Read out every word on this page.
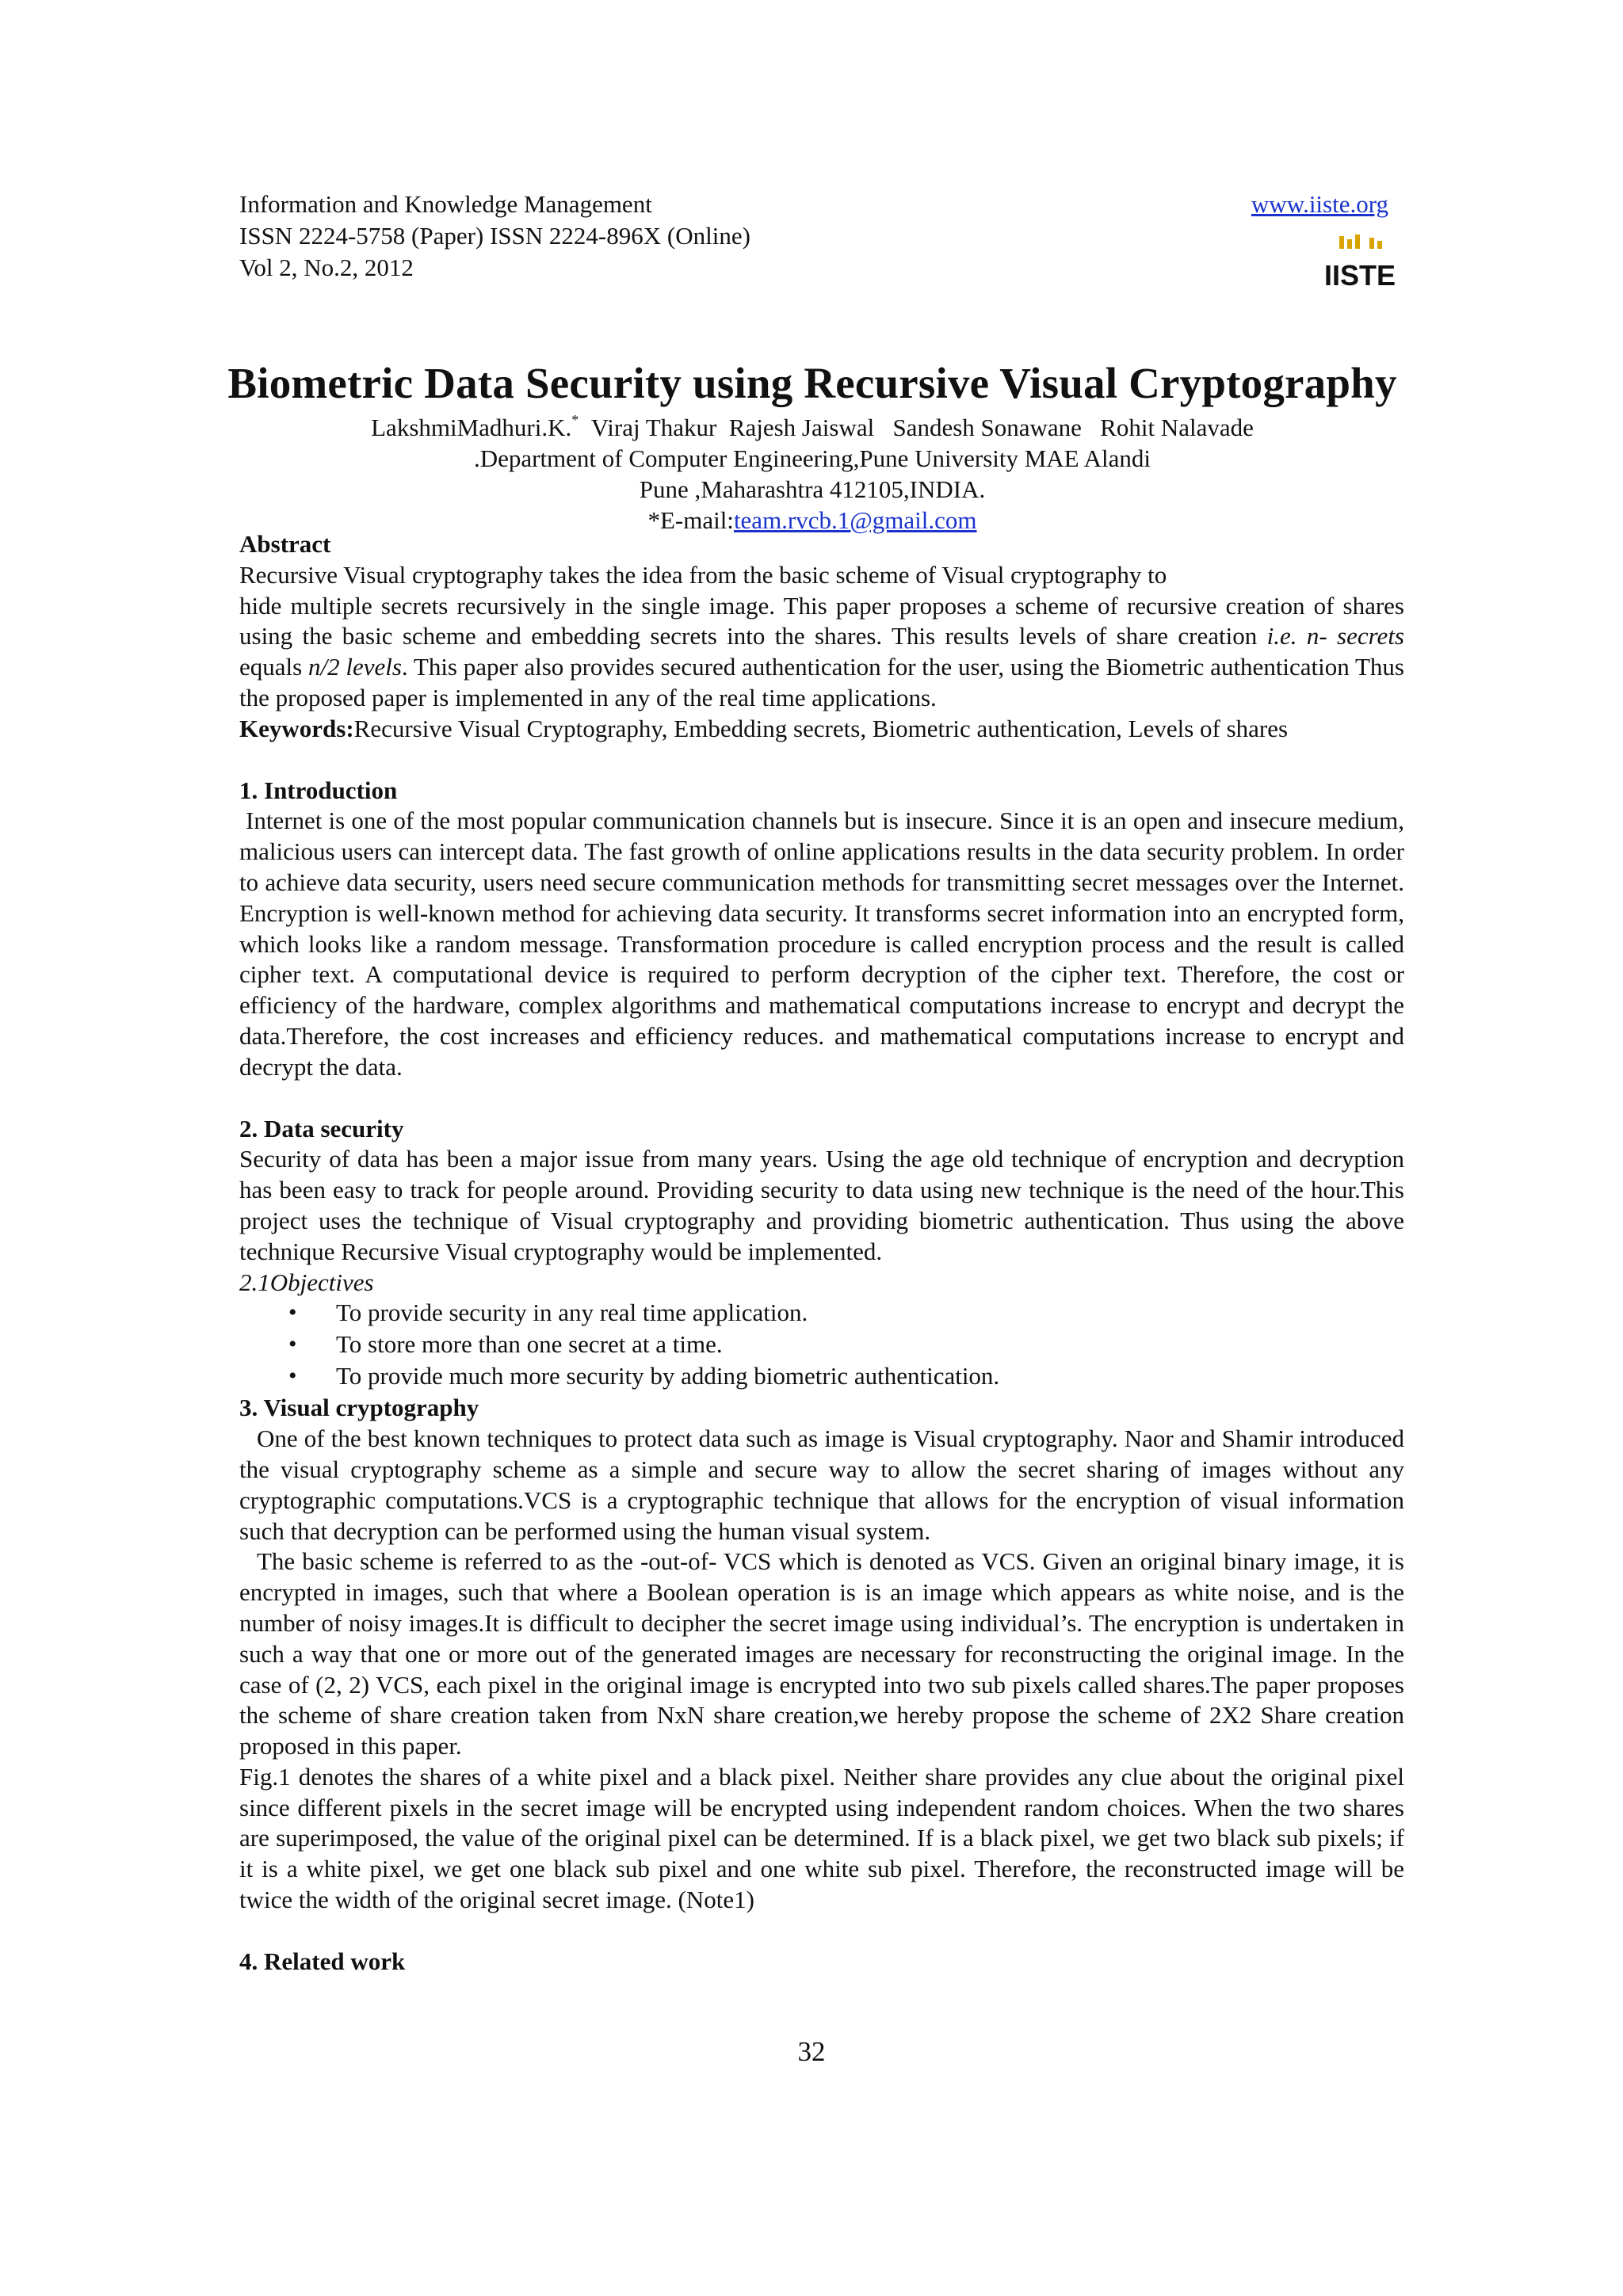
Information and Knowledge Management
ISSN 2224-5758 (Paper) ISSN 2224-896X (Online)
Vol 2, No.2, 2012
www.iiste.org
IISTE
Biometric Data Security using Recursive Visual Cryptography
LakshmiMadhuri.K.* Viraj Thakur  Rajesh Jaiswal   Sandesh Sonawane   Rohit Nalavade
.Department of Computer Engineering,Pune University MAE Alandi
Pune ,Maharashtra 412105,INDIA.
*E-mail:team.rvcb.1@gmail.com

Abstract

Recursive Visual cryptography takes the idea from the basic scheme of Visual cryptography to

hide multiple secrets recursively in the single image. This paper proposes a scheme of recursive creation of shares using the basic scheme and embedding secrets into the shares. This results levels of share creation i.e. n- secrets equals n/2 levels. This paper also provides secured authentication for the user, using the Biometric authentication Thus the proposed paper is implemented in any of the real time applications.

Keywords:Recursive Visual Cryptography, Embedding secrets, Biometric authentication, Levels of shares

1. Introduction

Internet is one of the most popular communication channels but is insecure. Since it is an open and insecure medium, malicious users can intercept data. The fast growth of online applications results in the data security problem. In order to achieve data security, users need secure communication methods for transmitting secret messages over the Internet. Encryption is well-known method for achieving data security. It transforms secret information into an encrypted form, which looks like a random message. Transformation procedure is called encryption process and the result is called cipher text. A computational device is required to perform decryption of the cipher text. Therefore, the cost or efficiency of the hardware, complex algorithms and mathematical computations increase to encrypt and decrypt the data.Therefore, the cost increases and efficiency reduces. and mathematical computations increase to encrypt and decrypt the data.

2. Data security

Security of data has been a major issue from many years. Using the age old technique of encryption and decryption has been easy to track for people around. Providing security to data using new technique is the need of the hour.This project uses the technique of Visual cryptography and providing biometric authentication. Thus using the above technique Recursive Visual cryptography would be implemented.

2.1Objectives

• To provide security in any real time application.
• To store more than one secret at a time.
• To provide much more security by adding biometric authentication.

3. Visual cryptography

One of the best known techniques to protect data such as image is Visual cryptography. Naor and Shamir introduced the visual cryptography scheme as a simple and secure way to allow the secret sharing of images without any cryptographic computations.VCS is a cryptographic technique that allows for the encryption of visual information such that decryption can be performed using the human visual system.

The basic scheme is referred to as the -out-of- VCS which is denoted as VCS. Given an original binary image, it is encrypted in images, such that where a Boolean operation is is an image which appears as white noise, and is the number of noisy images.It is difficult to decipher the secret image using individual’s. The encryption is undertaken in such a way that one or more out of the generated images are necessary for reconstructing the original image. In the case of (2, 2) VCS, each pixel in the original image is encrypted into two sub pixels called shares.The paper proposes the scheme of share creation taken from NxN share creation,we hereby propose the scheme of 2X2 Share creation proposed in this paper.

Fig.1 denotes the shares of a white pixel and a black pixel. Neither share provides any clue about the original pixel since different pixels in the secret image will be encrypted using independent random choices. When the two shares are superimposed, the value of the original pixel can be determined. If is a black pixel, we get two black sub pixels; if it is a white pixel, we get one black sub pixel and one white sub pixel. Therefore, the reconstructed image will be twice the width of the original secret image. (Note1)

4. Related work

32
